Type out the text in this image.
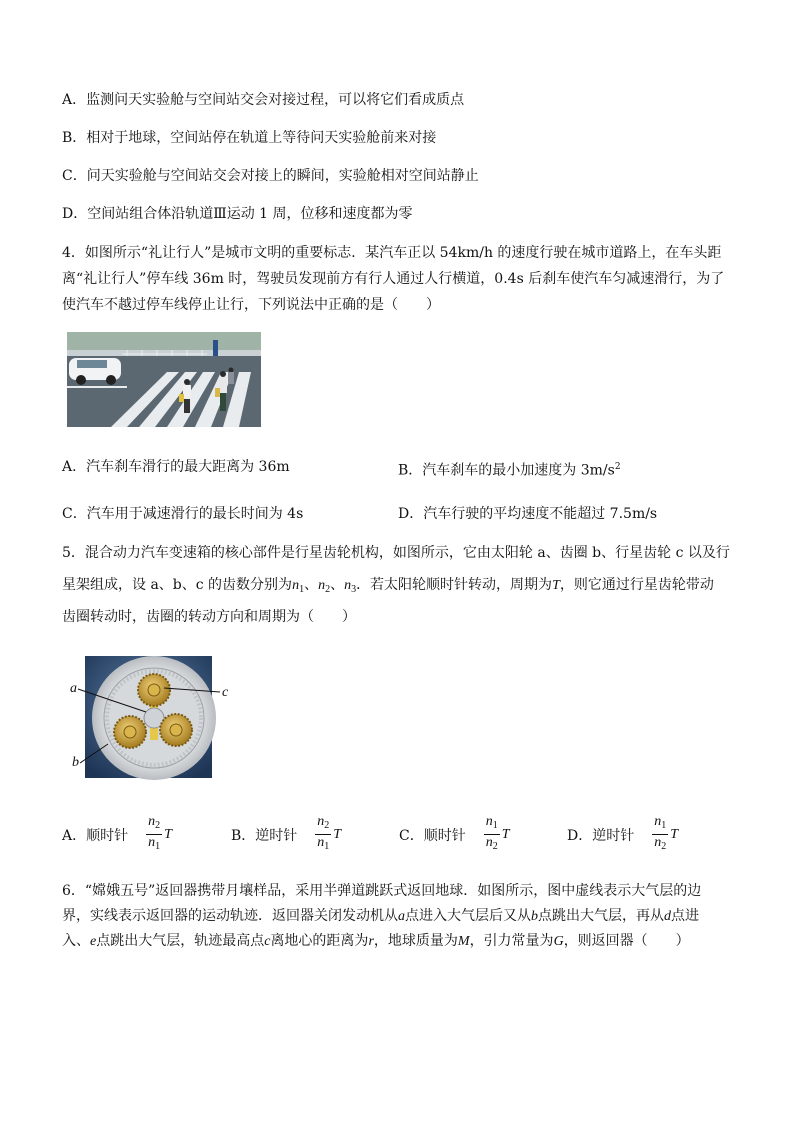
A．监测问天实验舱与空间站交会对接过程，可以将它们看成质点
B．相对于地球，空间站停在轨道上等待问天实验舱前来对接
C．问天实验舱与空间站交会对接上的瞬间，实验舱相对空间站静止
D．空间站组合体沿轨道Ⅲ运动 1 周，位移和速度都为零
4．如图所示“礼让行人”是城市文明的重要标志．某汽车正以 54km/h 的速度行驶在城市道路上，在车头距
离“礼让行人”停车线 36m 时，驾驶员发现前方有行人通过人行横道，0.4s 后刹车使汽车匀减速滑行，为了
使汽车不越过停车线停止让行，下列说法中正确的是（　　）
A．汽车刹车滑行的最大距离为 36m	B．汽车刹车的最小加速度为 $3m/s^2$
C．汽车用于减速滑行的最长时间为 4s	D．汽车行驶的平均速度不能超过 7.5m/s
5．混合动力汽车变速箱的核心部件是行星齿轮机构，如图所示，它由太阳轮 a、齿圈 b、行星齿轮 c 以及行
星架组成，设 a、b、c 的齿数分别为$n_1$、$n_2$、$n_3$．若太阳轮顺时针转动，周期为T，则它通过行星齿轮带动
齿圈转动时，齿圈的转动方向和周期为（　　）
a	c
b
A．顺时针 $\frac{n_2}{n_1}$ T	B．逆时针 $\frac{n_2}{n_1}$ T	C．顺时针 $\frac{n_1}{n_2}$ T	D．逆时针 $\frac{n_1}{n_2}$ T
6．“嫦娥五号”返回器携带月壤样品，采用半弹道跳跃式返回地球．如图所示，图中虚线表示大气层的边
界，实线表示返回器的运动轨迹．返回器关闭发动机从a点进入大气层后又从b点跳出大气层，再从d点进
入、e点跳出大气层，轨迹最高点c离地心的距离为r，地球质量为M，引力常量为G，则返回器（　　）
